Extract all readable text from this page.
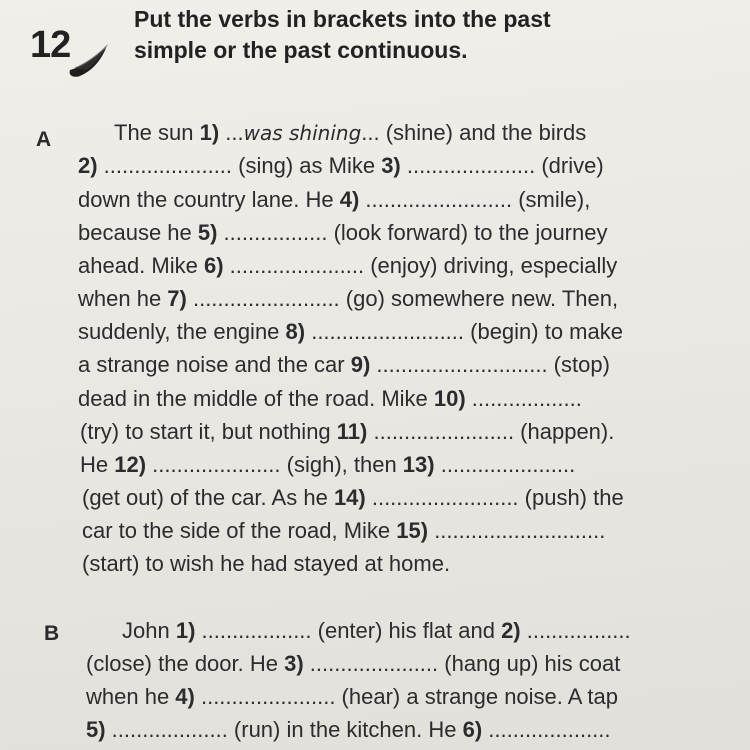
12
Put the verbs in brackets into the past
simple or the past continuous.
A	The sun 1) ...was shining... (shine) and the birds
2) ..................... (sing) as Mike 3) ..................... (drive)
down the country lane. He 4) ........................ (smile),
because he 5) ................. (look forward) to the journey
ahead. Mike 6) ...................... (enjoy) driving, especially
when he 7) ........................ (go) somewhere new. Then,
suddenly, the engine 8) ......................... (begin) to make
a strange noise and the car 9) ............................ (stop)
dead in the middle of the road. Mike 10) ..................
(try) to start it, but nothing 11) ....................... (happen).
He 12) ..................... (sigh), then 13) ......................
(get out) of the car. As he 14) ........................ (push) the
car to the side of the road, Mike 15) ............................
(start) to wish he had stayed at home.
B	John 1) .................. (enter) his flat and 2) .................
(close) the door. He 3) ..................... (hang up) his coat
when he 4) ...................... (hear) a strange noise. A tap
5) ................... (run) in the kitchen. He 6) ....................
